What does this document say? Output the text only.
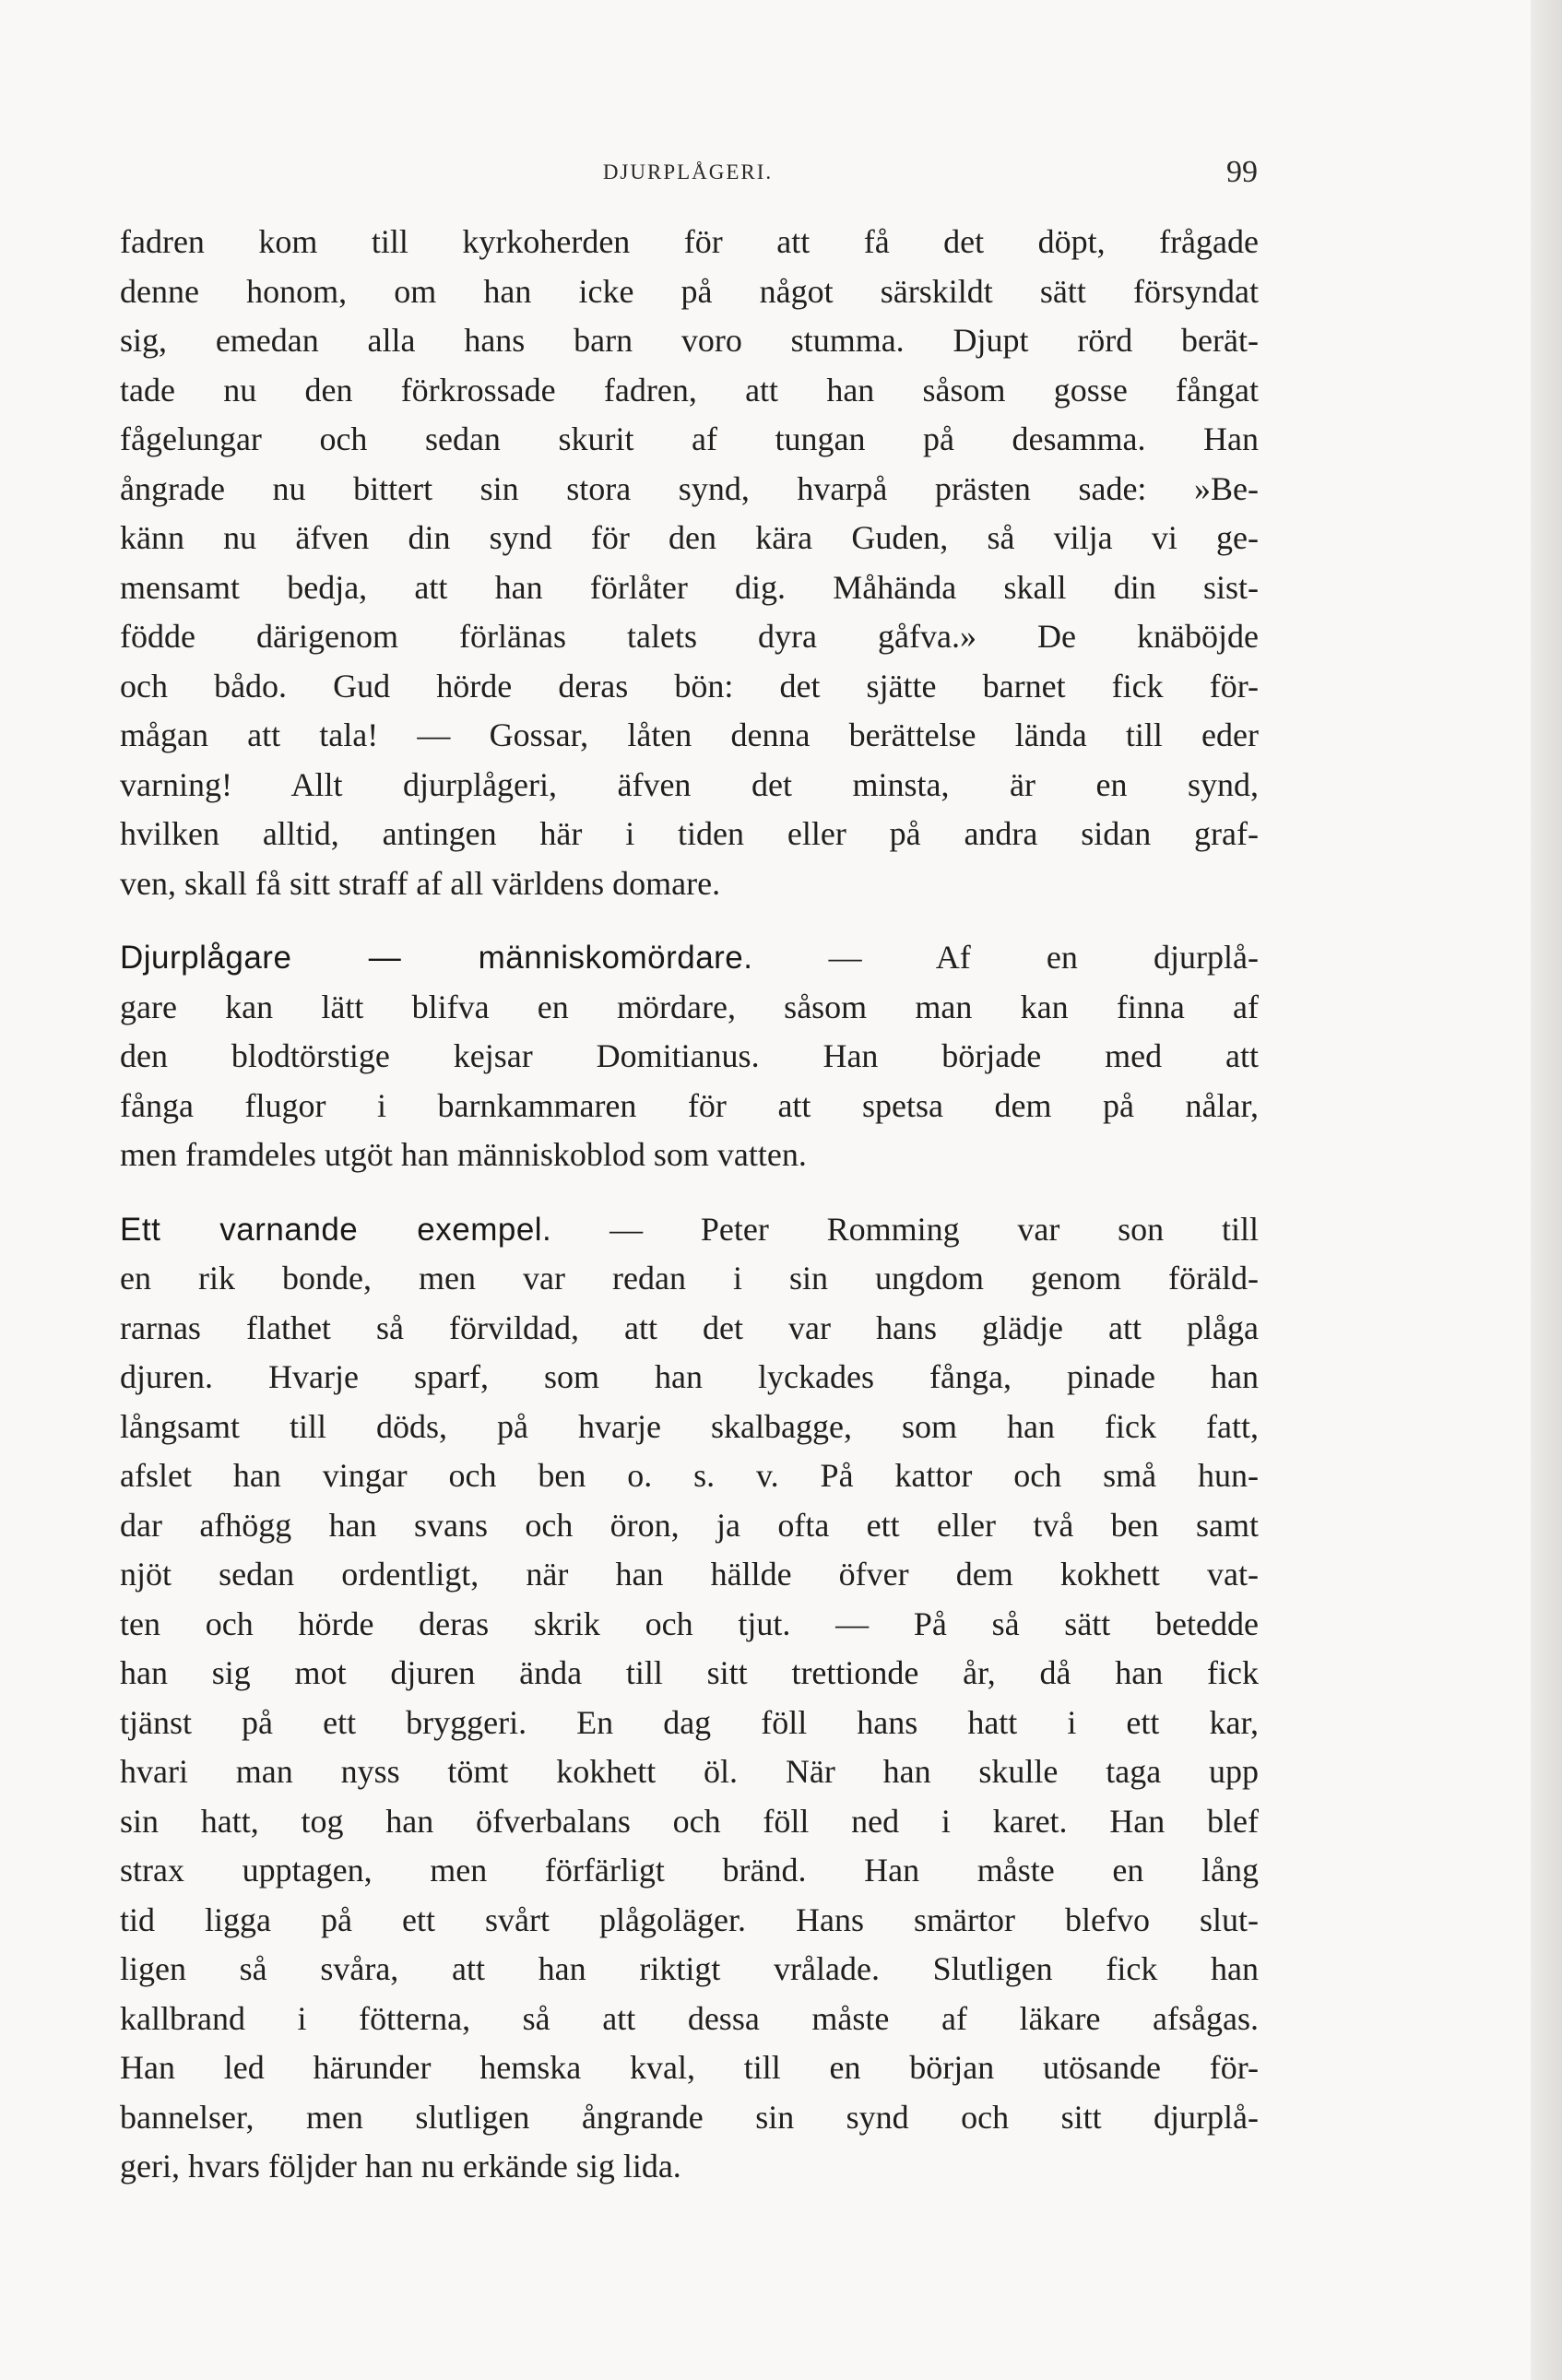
DJURPLÅGERI.	99
fadren kom till kyrkoherden för att få det döpt, frågade
denne honom, om han icke på något särskildt sätt försyndat
sig, emedan alla hans barn voro stumma. Djupt rörd berät-
tade nu den förkrossade fadren, att han såsom gosse fångat
fågelungar och sedan skurit af tungan på desamma. Han
ångrade nu bittert sin stora synd, hvarpå prästen sade: »Be-
känn nu äfven din synd för den kära Guden, så vilja vi ge-
mensamt bedja, att han förlåter dig. Måhända skall din sist-
födde därigenom förlänas talets dyra gåfva.» De knäböjde
och bådo. Gud hörde deras bön: det sjätte barnet fick för-
mågan att tala! — Gossar, låten denna berättelse lända till eder
varning! Allt djurplågeri, äfven det minsta, är en synd,
hvilken alltid, antingen här i tiden eller på andra sidan graf-
ven, skall få sitt straff af all världens domare.
Djurplågare — människomördare. — Af en djurplå-
gare kan lätt blifva en mördare, såsom man kan finna af
den blodtörstige kejsar Domitianus. Han började med att
fånga flugor i barnkammaren för att spetsa dem på nålar,
men framdeles utgöt han människoblod som vatten.
Ett varnande exempel. — Peter Romming var son till
en rik bonde, men var redan i sin ungdom genom föräld-
rarnas flathet så förvildad, att det var hans glädje att plåga
djuren. Hvarje sparf, som han lyckades fånga, pinade han
långsamt till döds, på hvarje skalbagge, som han fick fatt,
afslet han vingar och ben o. s. v. På kattor och små hun-
dar afhögg han svans och öron, ja ofta ett eller två ben samt
njöt sedan ordentligt, när han hällde öfver dem kokhett vat-
ten och hörde deras skrik och tjut. — På så sätt betedde
han sig mot djuren ända till sitt trettionde år, då han fick
tjänst på ett bryggeri. En dag föll hans hatt i ett kar,
hvari man nyss tömt kokhett öl. När han skulle taga upp
sin hatt, tog han öfverbalans och föll ned i karet. Han blef
strax upptagen, men förfärligt bränd. Han måste en lång
tid ligga på ett svårt plågoläger. Hans smärtor blefvo slut-
ligen så svåra, att han riktigt vrålade. Slutligen fick han
kallbrand i fötterna, så att dessa måste af läkare afsågas.
Han led härunder hemska kval, till en början utösande för-
bannelser, men slutligen ångrande sin synd och sitt djurplå-
geri, hvars följder han nu erkände sig lida.
